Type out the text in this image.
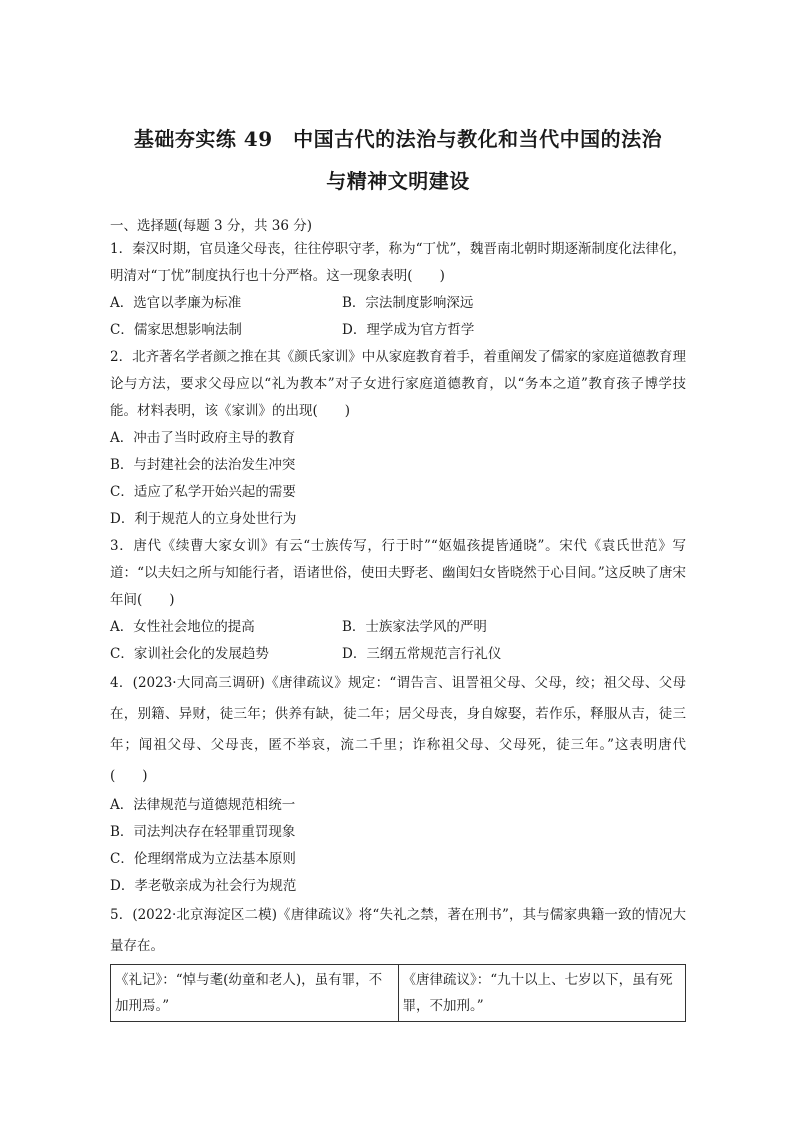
基础夯实练 49　中国古代的法治与教化和当代中国的法治
与精神文明建设
一、选择题(每题 3 分，共 36 分)
1．秦汉时期，官员逢父母丧，往往停职守孝，称为“丁忧”，魏晋南北朝时期逐渐制度化法律化，明清对“丁忧”制度执行也十分严格。这一现象表明(　　)
A．选官以孝廉为标准	B．宗法制度影响深远
C．儒家思想影响法制	D．理学成为官方哲学
2．北齐著名学者颜之推在其《颜氏家训》中从家庭教育着手，着重阐发了儒家的家庭道德教育理论与方法，要求父母应以“礼为教本”对子女进行家庭道德教育，以“务本之道”教育孩子博学技能。材料表明，该《家训》的出现(　　)
A．冲击了当时政府主导的教育
B．与封建社会的法治发生冲突
C．适应了私学开始兴起的需要
D．利于规范人的立身处世行为
3．唐代《续曹大家女训》有云“士族传写，行于时”“妪媪孩提皆通晓”。宋代《袁氏世范》写道：“以夫妇之所与知能行者，语诸世俗，使田夫野老、幽闺妇女皆晓然于心目间。”这反映了唐宋年间(　　)
A．女性社会地位的提高	B．士族家法学风的严明
C．家训社会化的发展趋势	D．三纲五常规范言行礼仪
4．(2023·大同高三调研)《唐律疏议》规定：“谓告言、诅詈祖父母、父母，绞；祖父母、父母在，别籍、异财，徒三年；供养有缺，徒二年；居父母丧，身自嫁娶，若作乐，释服从吉，徒三年；闻祖父母、父母丧，匿不举哀，流二千里；诈称祖父母、父母死，徒三年。”这表明唐代(　　)
A．法律规范与道德规范相统一
B．司法判决存在轻罪重罚现象
C．伦理纲常成为立法基本原则
D．孝老敬亲成为社会行为规范
5．(2022·北京海淀区二模)《唐律疏议》将“失礼之禁，著在刑书”，其与儒家典籍一致的情况大量存在。
《礼记》：“悼与耄(幼童和老人)，虽有罪，不加刑焉。”	《唐律疏议》：“九十以上、七岁以下，虽有死罪，不加刑。”
